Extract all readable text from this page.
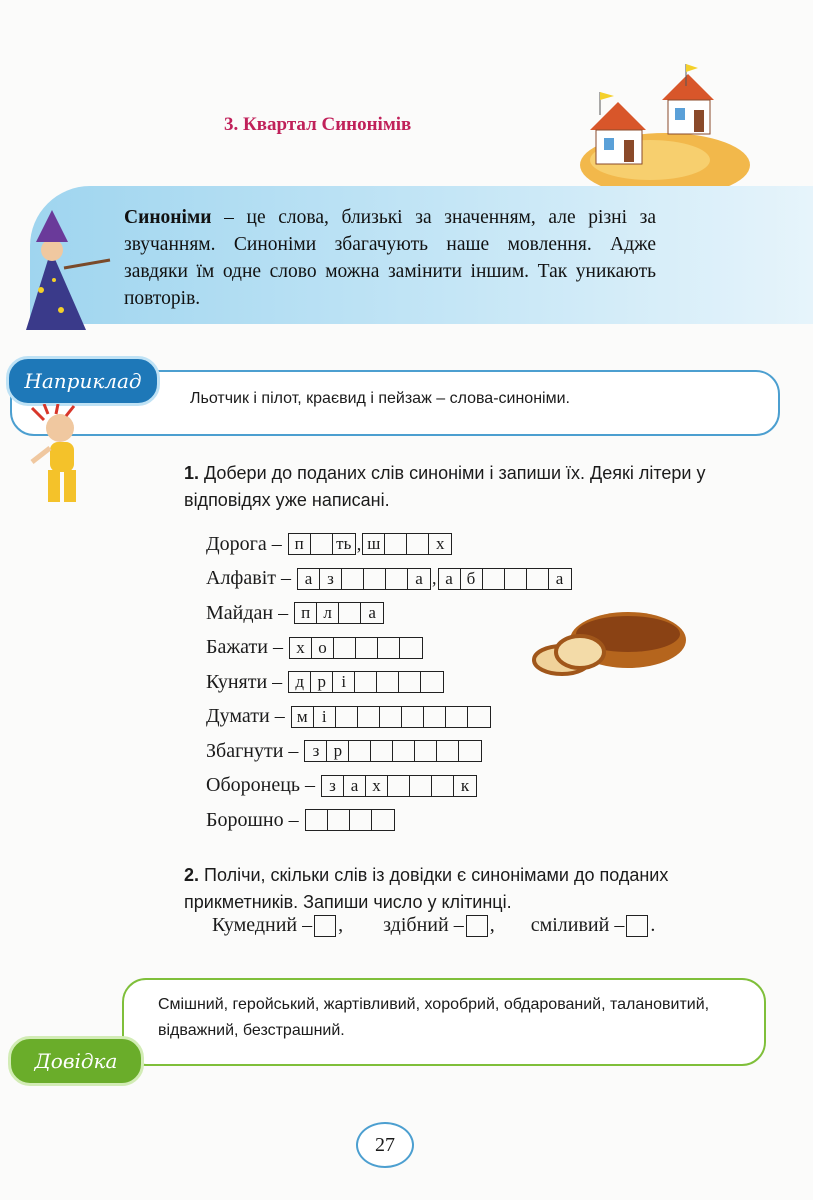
3. Квартал Синонімів
Синоніми – це слова, близькі за значенням, але різні за звучанням. Синоніми збагачують наше мовлення. Адже завдяки їм одне слово можна замінити іншим. Так уникають повторів.
Наприклад
Льотчик і пілот, краєвид і пейзаж – слова-синоніми.
1. Добери до поданих слів синоніми і запиши їх. Деякі літери у відповідях уже написані.
Дорога – п	ть , ш	х
Алфавіт – а з	а , а б	а
Майдан – п л	а
Бажати – х о
Куняти – д р і
Думати – м і
Збагнути – з р
Оборонець – з а х	к
Борошно –
2. Полічи, скільки слів із довідки є синонімами до поданих прикметників. Запиши число у клітинці.
Кумедний – , здібний – , сміливий – .
Смішний, геройський, жартівливий, хоробрий, обдарований, талановитий, відважний, безстрашний.
Довідка
27
